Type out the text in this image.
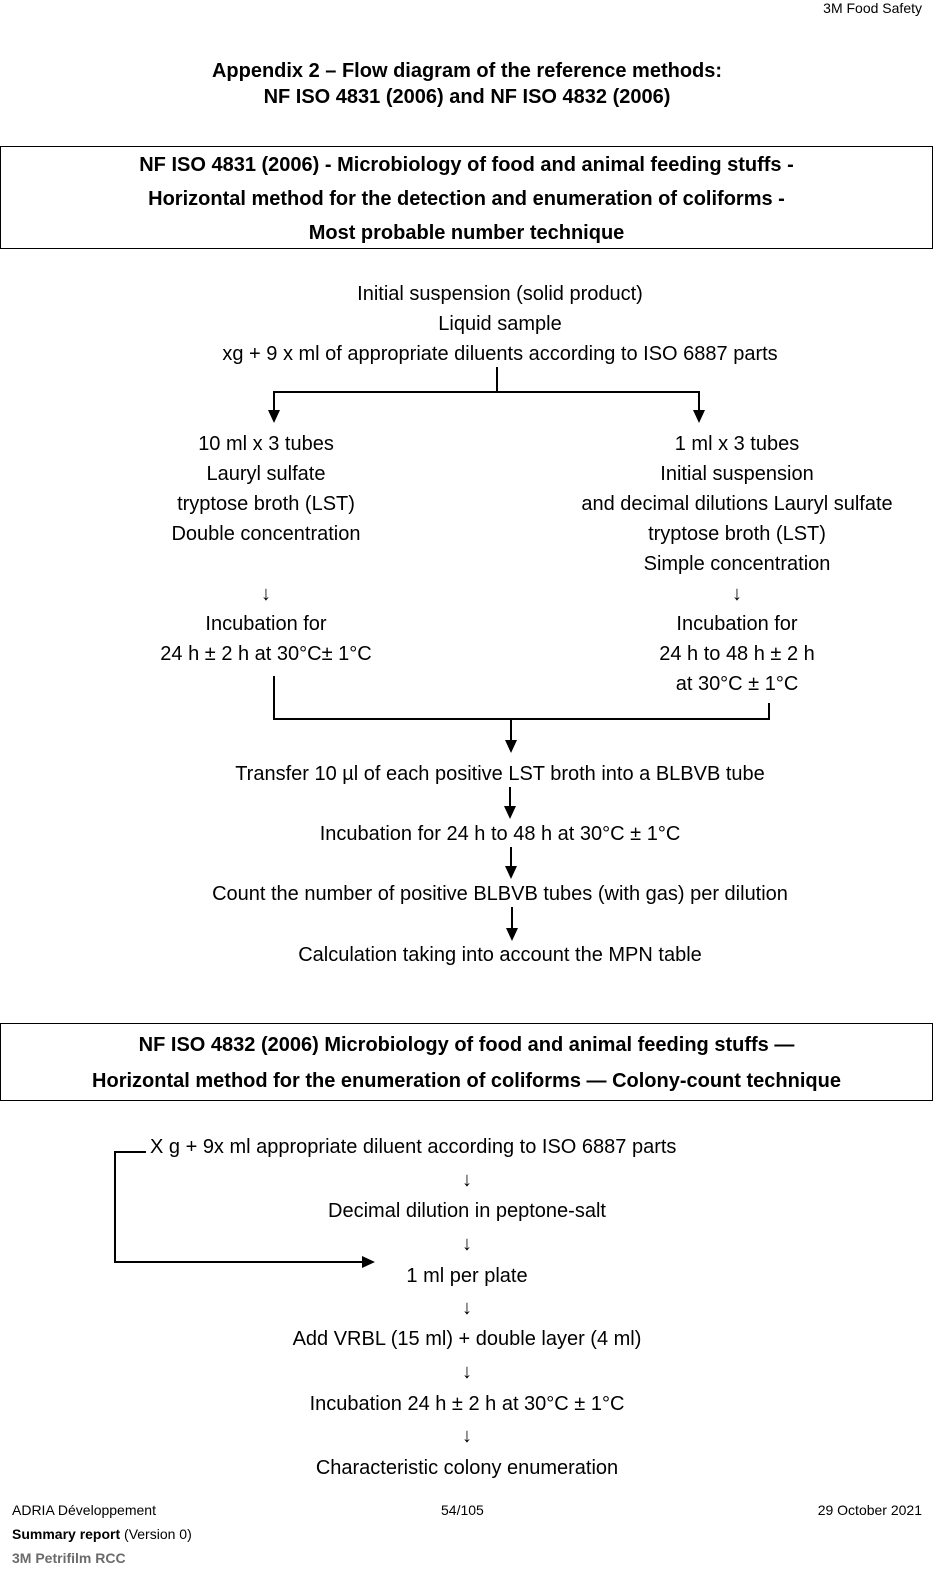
3M Food Safety
Appendix 2 – Flow diagram of the reference methods:
NF ISO 4831 (2006) and NF ISO 4832 (2006)
NF ISO 4831 (2006) - Microbiology of food and animal feeding stuffs -
Horizontal method for the detection and enumeration of coliforms -
Most probable number technique
Initial suspension (solid product)
Liquid sample
xg + 9 x ml of appropriate diluents according to ISO 6887 parts
10 ml x 3 tubes
Lauryl sulfate
tryptose broth (LST)
Double concentration
↓
Incubation for
24 h ± 2 h at 30°C± 1°C
1 ml x 3 tubes
Initial suspension
and decimal dilutions Lauryl sulfate
tryptose broth (LST)
Simple concentration
↓
Incubation for
24 h to 48 h ± 2 h
at 30°C ± 1°C
Transfer 10 µl of each positive LST broth into a BLBVB tube
Incubation for 24 h to 48 h at 30°C ± 1°C
Count the number of positive BLBVB tubes (with gas) per dilution
Calculation taking into account the MPN table
NF ISO 4832 (2006) Microbiology of food and animal feeding stuffs —
Horizontal method for the enumeration of coliforms — Colony-count technique
X g + 9x ml appropriate diluent according to ISO 6887 parts
↓
Decimal dilution in peptone-salt
↓
1 ml per plate
↓
Add VRBL (15 ml) + double layer (4 ml)
↓
Incubation 24 h ± 2 h at 30°C ± 1°C
↓
Characteristic colony enumeration
ADRIA Développement	54/105	29 October 2021
Summary report (Version 0)
3M Petrifilm RCC
